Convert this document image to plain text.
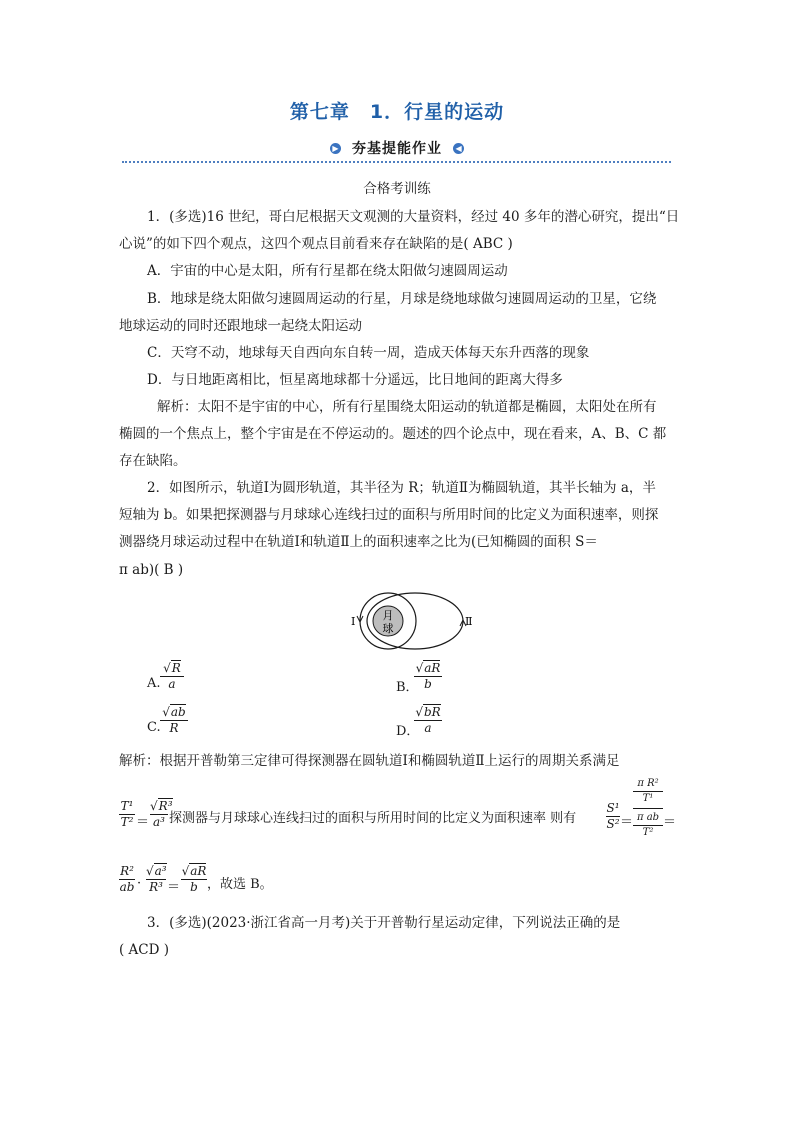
第七章　1．行星的运动
▶ 夯基提能作业 ◀
合格考训练
1．(多选)16 世纪，哥白尼根据天文观测的大量资料，经过 40 多年的潜心研究，提出“日
心说”的如下四个观点，这四个观点目前看来存在缺陷的是( ABC )
A．宇宙的中心是太阳，所有行星都在绕太阳做匀速圆周运动
B．地球是绕太阳做匀速圆周运动的行星，月球是绕地球做匀速圆周运动的卫星，它绕
地球运动的同时还跟地球一起绕太阳运动
C．天穹不动，地球每天自西向东自转一周，造成天体每天东升西落的现象
D．与日地距离相比，恒星离地球都十分遥远，比日地间的距离大得多
解析：太阳不是宇宙的中心，所有行星围绕太阳运动的轨道都是椭圆，太阳处在所有
椭圆的一个焦点上，整个宇宙是在不停运动的。题述的四个论点中，现在看来，A、B、C 都
存在缺陷。
2．如图所示，轨道Ⅰ为圆形轨道，其半径为 R；轨道Ⅱ为椭圆轨道，其半长轴为 a，半
短轴为 b。如果把探测器与月球球心连线扫过的面积与所用时间的比定义为面积速率，则探
测器绕月球运动过程中在轨道Ⅰ和轨道Ⅱ上的面积速率之比为(已知椭圆的面积 S＝
π ab)( B )
月
球
Ⅰ	Ⅱ
A.
√R
a	B．
√aR
b
C.
√ab
R	D．
√bR
a
解析：根据开普勒第三定律可得探测器在圆轨道Ⅰ和椭圆轨道Ⅱ上运行的周期关系满足
T¹
T² ＝
√R³
a³ 探测器与月球球心连线扫过的面积与所用时间的比定义为面积速率 则有
S¹
S² ＝
π R²
T¹
π ab
T²
＝
R²
ab ·
√a³
R³ ＝
√aR
b ，故选 B。
3．(多选)(2023·浙江省高一月考)关于开普勒行星运动定律，下列说法正确的是
( ACD )
